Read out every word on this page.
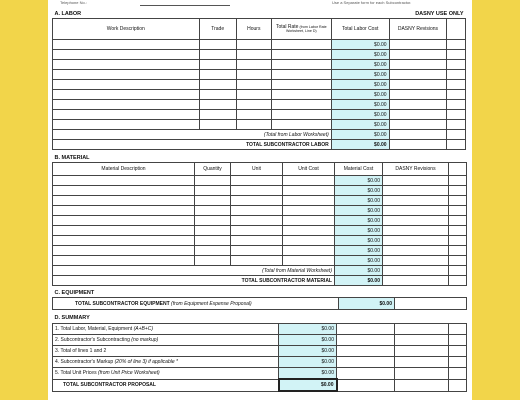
Telephone No.:	Use a Separate form for each Subcontractor.
A. LABOR					DASNY USE ONLY	
Work Description	Trade	Hours	Total Rate (from Labor Rate Worksheet, Line D)	Total Labor Cost	DASNY Revisions	
				$0.00		
				$0.00		
				$0.00		
				$0.00		
				$0.00		
				$0.00		
				$0.00		
				$0.00		
				$0.00		
(Total from Labor Worksheet)				$0.00		
TOTAL SUBCONTRACTOR LABOR				$0.00		
B. MATERIAL						
Material Description	Quantity	Unit	Unit Cost	Material Cost	DASNY Revisions	
				$0.00		
				$0.00		
				$0.00		
				$0.00		
				$0.00		
				$0.00		
				$0.00		
				$0.00		
				$0.00		
(Total from Material Worksheet)				$0.00		
TOTAL SUBCONTRACTOR MATERIAL				$0.00		
C. EQUIPMENT
TOTAL SUBCONTRACTOR EQUIPMENT (from Equipment Expense Proposal)	$0.00	
D. SUMMARY				
1. Total Labor, Material, Equipment (A+B+C)	$0.00			
2. Subcontractor's Subcontracting (no markup)	$0.00			
3. Total of lines 1 and 2	$0.00			
4. Subcontractor's Markup (20% of line 3) if applicable *	$0.00			
5. Total Unit Prices (from Unit Price Worksheet)	$0.00			
TOTAL SUBCONTRACTOR PROPOSAL	$0.00			
